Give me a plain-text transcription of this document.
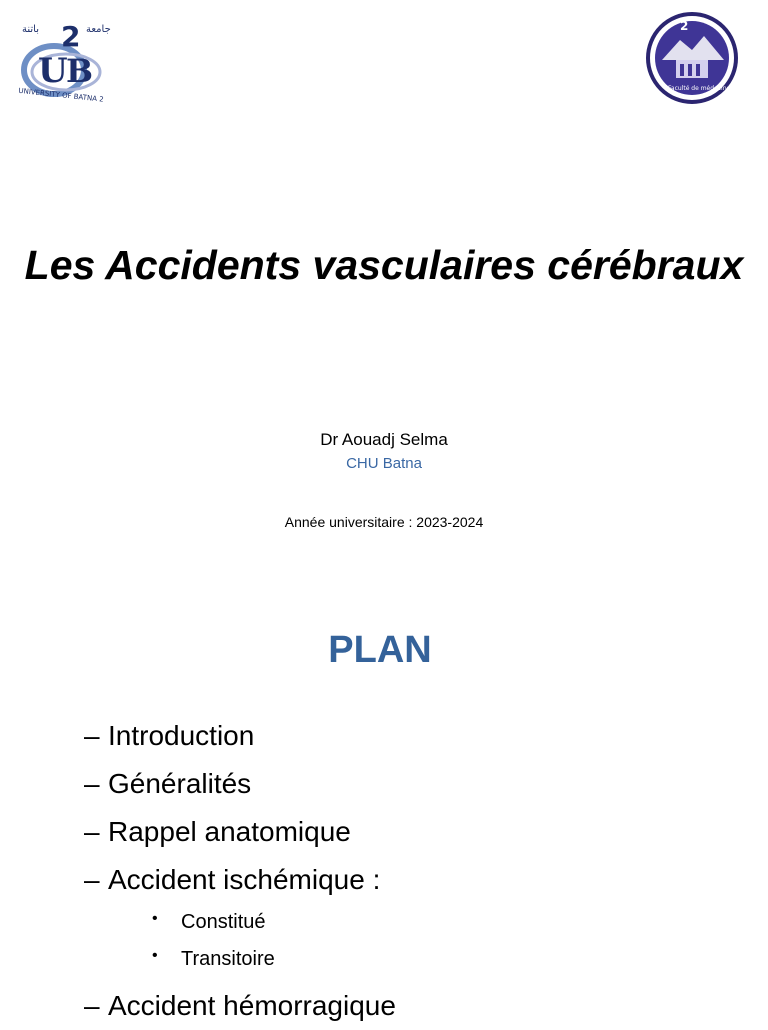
U
B
2 جامعة
باتنة
UNIVERSITY OF BATNA 2
2
Faculté de médecine
Les Accidents vasculaires cérébraux
Dr Aouadj Selma
CHU Batna
Année universitaire : 2023-2024
PLAN
– Introduction
– Généralités
– Rappel anatomique
– Accident ischémique :
• Constitué
• Transitoire
– Accident hémorragique
